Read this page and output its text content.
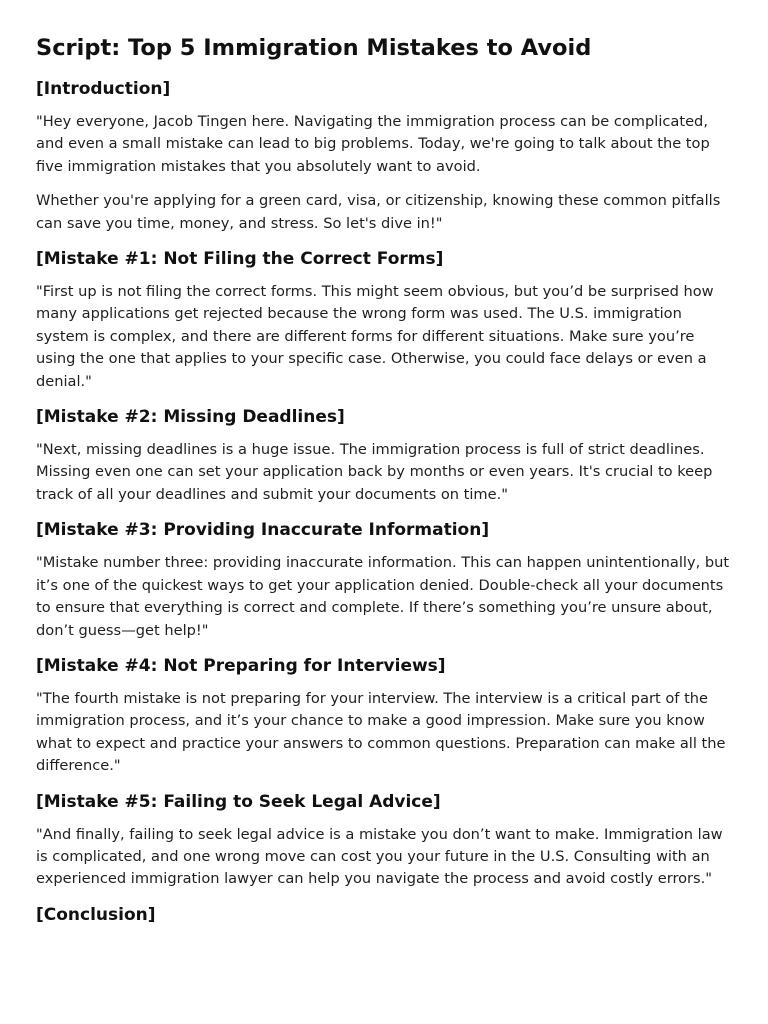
Script: Top 5 Immigration Mistakes to Avoid
[Introduction]

"Hey everyone, Jacob Tingen here. Navigating the immigration process can be complicated, and even a small mistake can lead to big problems. Today, we're going to talk about the top five immigration mistakes that you absolutely want to avoid.

Whether you're applying for a green card, visa, or citizenship, knowing these common pitfalls can save you time, money, and stress. So let's dive in!"

[Mistake #1: Not Filing the Correct Forms]

"First up is not filing the correct forms. This might seem obvious, but you’d be surprised how many applications get rejected because the wrong form was used. The U.S. immigration system is complex, and there are different forms for different situations. Make sure you’re using the one that applies to your specific case. Otherwise, you could face delays or even a denial."

[Mistake #2: Missing Deadlines]

"Next, missing deadlines is a huge issue. The immigration process is full of strict deadlines. Missing even one can set your application back by months or even years. It's crucial to keep track of all your deadlines and submit your documents on time."

[Mistake #3: Providing Inaccurate Information]

"Mistake number three: providing inaccurate information. This can happen unintentionally, but it’s one of the quickest ways to get your application denied. Double-check all your documents to ensure that everything is correct and complete. If there’s something you’re unsure about, don’t guess—get help!"

[Mistake #4: Not Preparing for Interviews]

"The fourth mistake is not preparing for your interview. The interview is a critical part of the immigration process, and it’s your chance to make a good impression. Make sure you know what to expect and practice your answers to common questions. Preparation can make all the difference."

[Mistake #5: Failing to Seek Legal Advice]

"And finally, failing to seek legal advice is a mistake you don’t want to make. Immigration law is complicated, and one wrong move can cost you your future in the U.S. Consulting with an experienced immigration lawyer can help you navigate the process and avoid costly errors."

[Conclusion]
